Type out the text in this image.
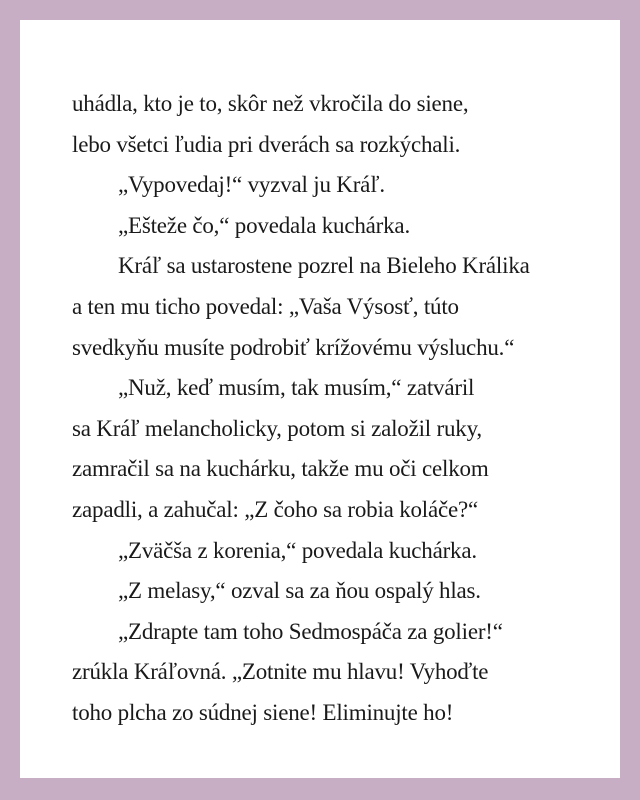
uhádla, kto je to, skôr než vkročila do siene,
lebo všetci ľudia pri dverách sa rozkýchali.
„Vypovedaj!“ vyzval ju Kráľ.
„Ešteže čo,“ povedala kuchárka.
Kráľ sa ustarostene pozrel na Bieleho Králika
a ten mu ticho povedal: „Vaša Výsosť, túto
svedkyňu musíte podrobiť krížovému výsluchu.“
„Nuž, keď musím, tak musím,“ zatváril
sa Kráľ melancholicky, potom si založil ruky,
zamračil sa na kuchárku, takže mu oči celkom
zapadli, a zahučal: „Z čoho sa robia koláče?“
„Zväčša z korenia,“ povedala kuchárka.
„Z melasy,“ ozval sa za ňou ospalý hlas.
„Zdrapte tam toho Sedmospáča za golier!“
zrúkla Kráľovná. „Zotnite mu hlavu! Vyhoďte
toho plcha zo súdnej siene! Eliminujte ho!
